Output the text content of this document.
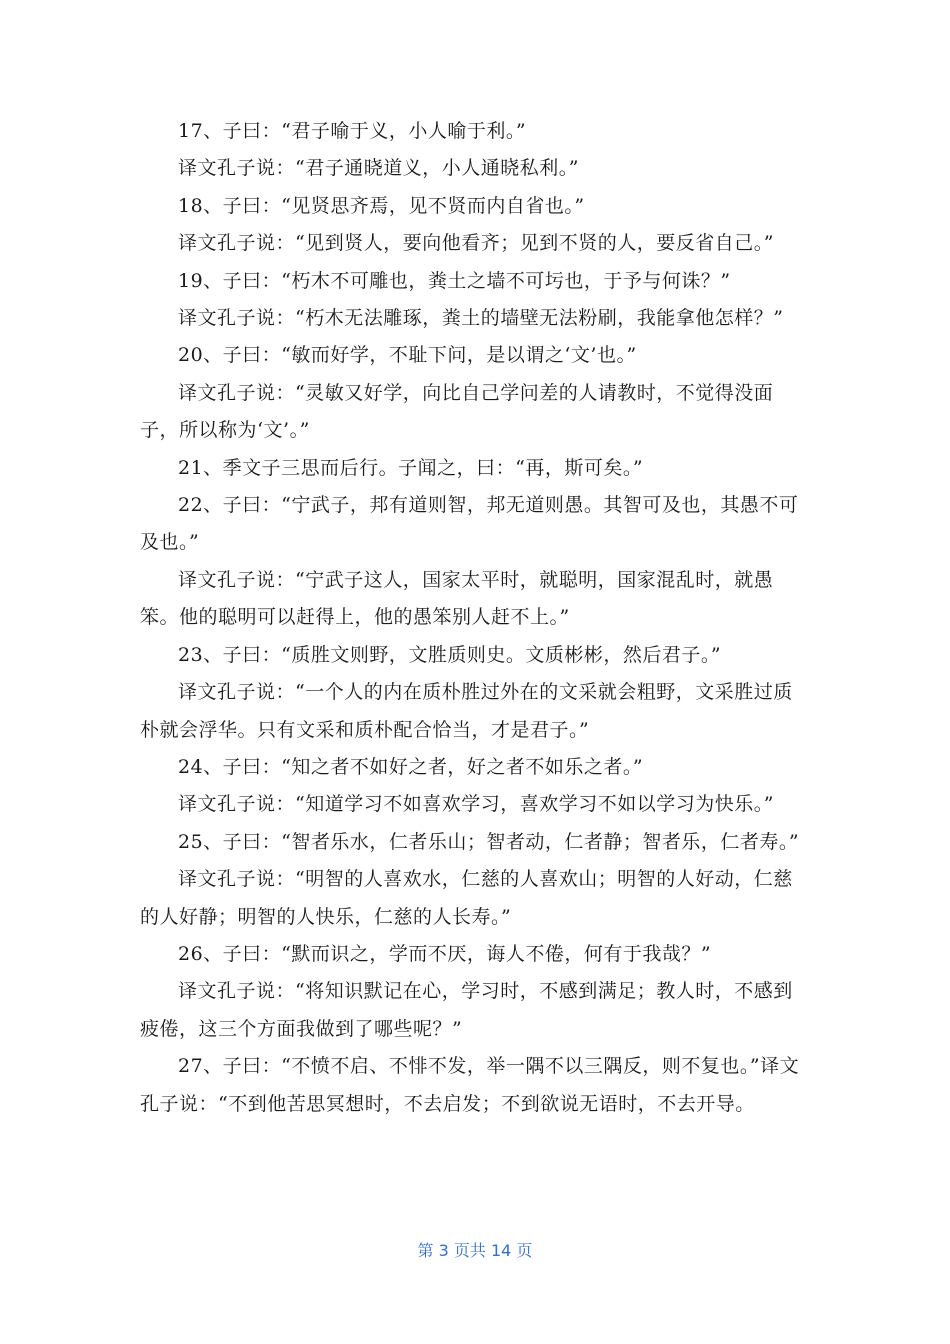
17、子曰：“君子喻于义，小人喻于利。”

译文孔子说：“君子通晓道义，小人通晓私利。”

18、子曰：“见贤思齐焉，见不贤而内自省也。”

译文孔子说：“见到贤人，要向他看齐；见到不贤的人，要反省自己。”

19、子曰：“朽木不可雕也，粪土之墙不可圬也，于予与何诛？”

译文孔子说：“朽木无法雕琢，粪土的墙壁无法粉刷，我能拿他怎样？”

20、子曰：“敏而好学，不耻下问，是以谓之‘文’也。”

译文孔子说：“灵敏又好学，向比自己学问差的人请教时，不觉得没面子，所以称为‘文’。”

21、季文子三思而后行。子闻之，曰：“再，斯可矣。”

22、子曰：“宁武子，邦有道则智，邦无道则愚。其智可及也，其愚不可及也。”

译文孔子说：“宁武子这人，国家太平时，就聪明，国家混乱时，就愚笨。他的聪明可以赶得上，他的愚笨别人赶不上。”

23、子曰：“质胜文则野，文胜质则史。文质彬彬，然后君子。”

译文孔子说：“一个人的内在质朴胜过外在的文采就会粗野，文采胜过质朴就会浮华。只有文采和质朴配合恰当，才是君子。”

24、子曰：“知之者不如好之者，好之者不如乐之者。”

译文孔子说：“知道学习不如喜欢学习，喜欢学习不如以学习为快乐。”

25、子曰：“智者乐水，仁者乐山；智者动，仁者静；智者乐，仁者寿。”

译文孔子说：“明智的人喜欢水，仁慈的人喜欢山；明智的人好动，仁慈的人好静；明智的人快乐，仁慈的人长寿。”

26、子曰：“默而识之，学而不厌，诲人不倦，何有于我哉？”

译文孔子说：“将知识默记在心，学习时，不感到满足；教人时，不感到疲倦，这三个方面我做到了哪些呢？”

27、子曰：“不愤不启、不悱不发，举一隅不以三隅反，则不复也。”译文孔子说：“不到他苦思冥想时，不去启发；不到欲说无语时，不去开导。

第 3 页共 14 页
